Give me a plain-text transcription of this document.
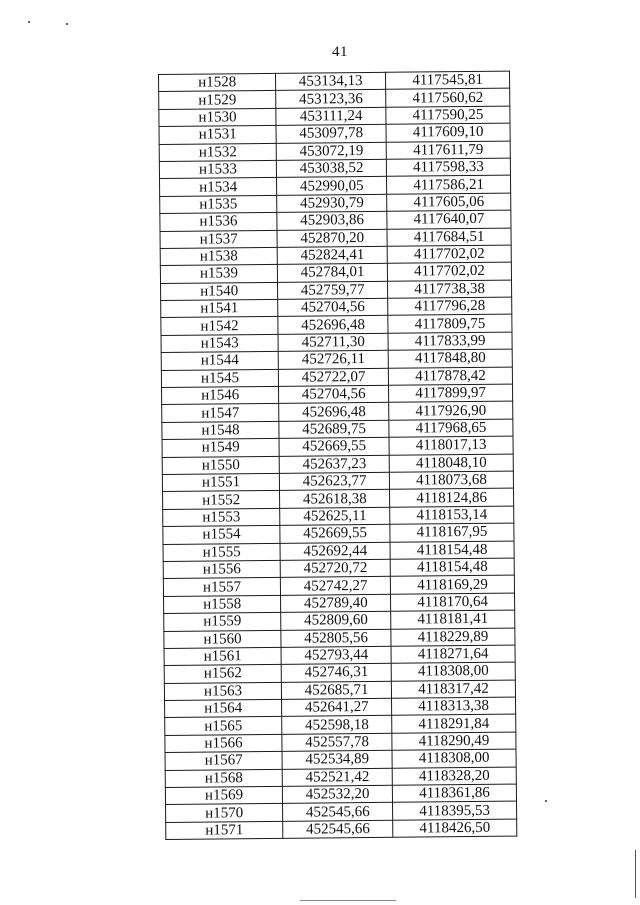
41
н1528	453134,13	4117545,81
н1529	453123,36	4117560,62
н1530	453111,24	4117590,25
н1531	453097,78	4117609,10
н1532	453072,19	4117611,79
н1533	453038,52	4117598,33
н1534	452990,05	4117586,21
н1535	452930,79	4117605,06
н1536	452903,86	4117640,07
н1537	452870,20	4117684,51
н1538	452824,41	4117702,02
н1539	452784,01	4117702,02
н1540	452759,77	4117738,38
н1541	452704,56	4117796,28
н1542	452696,48	4117809,75
н1543	452711,30	4117833,99
н1544	452726,11	4117848,80
н1545	452722,07	4117878,42
н1546	452704,56	4117899,97
н1547	452696,48	4117926,90
н1548	452689,75	4117968,65
н1549	452669,55	4118017,13
н1550	452637,23	4118048,10
н1551	452623,77	4118073,68
н1552	452618,38	4118124,86
н1553	452625,11	4118153,14
н1554	452669,55	4118167,95
н1555	452692,44	4118154,48
н1556	452720,72	4118154,48
н1557	452742,27	4118169,29
н1558	452789,40	4118170,64
н1559	452809,60	4118181,41
н1560	452805,56	4118229,89
н1561	452793,44	4118271,64
н1562	452746,31	4118308,00
н1563	452685,71	4118317,42
н1564	452641,27	4118313,38
н1565	452598,18	4118291,84
н1566	452557,78	4118290,49
н1567	452534,89	4118308,00
н1568	452521,42	4118328,20
н1569	452532,20	4118361,86
н1570	452545,66	4118395,53
н1571	452545,66	4118426,50
